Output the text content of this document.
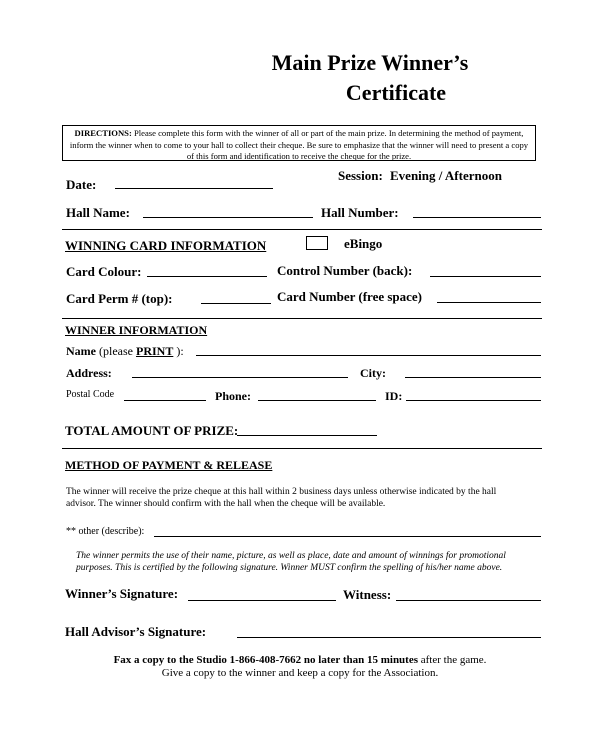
Main Prize Winner’s
Certificate
DIRECTIONS: Please complete this form with the winner of all or part of the main prize. In determining the method of payment, inform the winner when to come to your hall to collect their cheque. Be sure to emphasize that the winner will need to present a copy of this form and identification to receive the cheque for the prize.
Session: Evening / Afternoon
Date:
Hall Name:	Hall Number:
WINNING CARD INFORMATION	eBingo
Card Colour:	Control Number (back):
Card Perm # (top):	Card Number (free space)
WINNER INFORMATION
Name (please PRINT ):
Address:	City:
Postal Code	Phone:	ID:
TOTAL AMOUNT OF PRIZE:
METHOD OF PAYMENT & RELEASE
The winner will receive the prize cheque at this hall within 2 business days unless otherwise indicated by the hall advisor. The winner should confirm with the hall when the cheque will be available.
** other (describe):
The winner permits the use of their name, picture, as well as place, date and amount of winnings for promotional purposes. This is certified by the following signature. Winner MUST confirm the spelling of his/her name above.
Winner’s Signature:	Witness:
Hall Advisor’s Signature:
Fax a copy to the Studio 1-866-408-7662 no later than 15 minutes after the game.
Give a copy to the winner and keep a copy for the Association.
